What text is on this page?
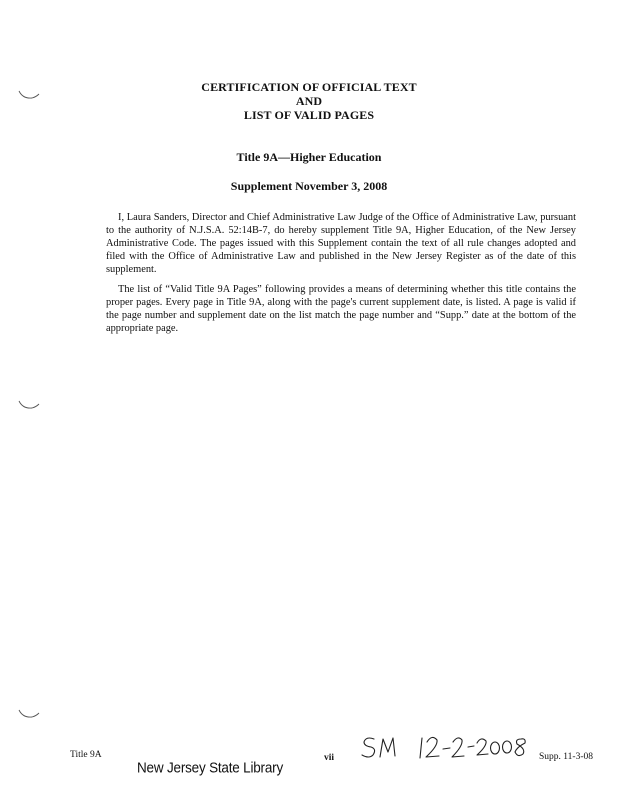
CERTIFICATION OF OFFICIAL TEXT
AND
LIST OF VALID PAGES
Title 9A—Higher Education
Supplement November 3, 2008

I, Laura Sanders, Director and Chief Administrative Law Judge of the Office of Administrative Law, pursuant to the authority of N.J.S.A. 52:14B-7, do hereby supplement Title 9A, Higher Education, of the New Jersey Administrative Code. The pages issued with this Supplement contain the text of all rule changes adopted and filed with the Office of Administrative Law and published in the New Jersey Register as of the date of this supplement.

The list of “Valid Title 9A Pages” following provides a means of determining whether this title contains the proper pages. Every page in Title 9A, along with the page's current supplement date, is listed. A page is valid if the page number and supplement date on the list match the page number and “Supp.” date at the bottom of the appropriate page.

Title 9A
New Jersey State Library
vii	Supp. 11-3-08
